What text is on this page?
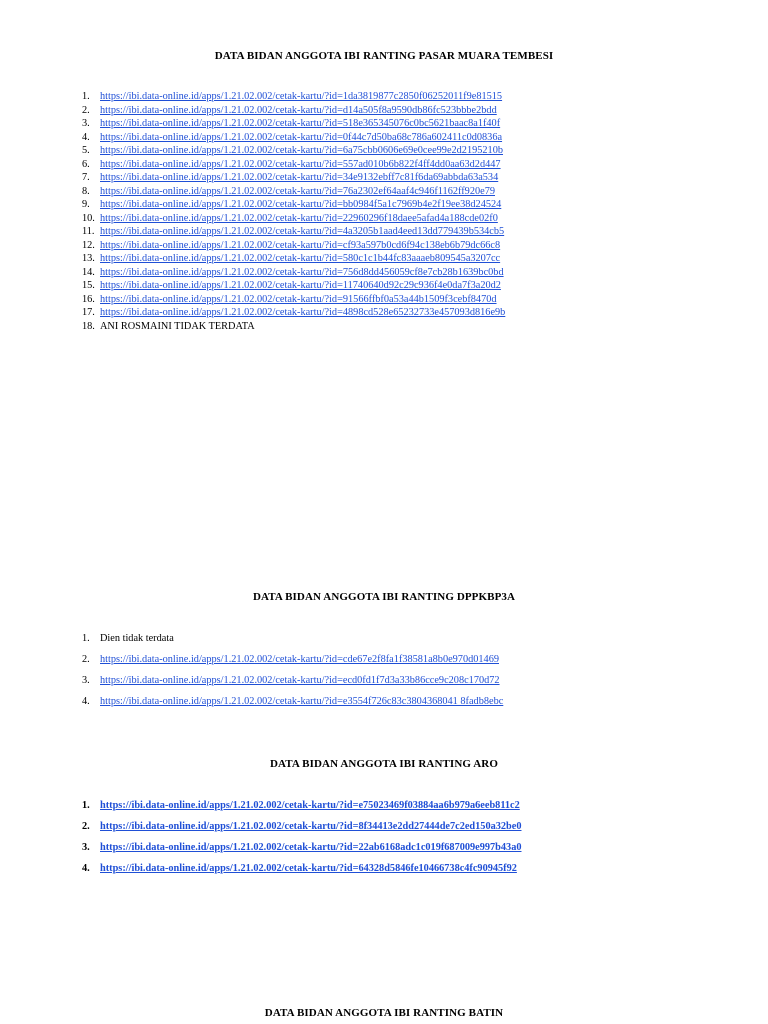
DATA BIDAN ANGGOTA IBI RANTING PASAR MUARA TEMBESI
1. https://ibi.data-online.id/apps/1.21.02.002/cetak-kartu/?id=1da3819877c2850f06252011f9e81515
2. https://ibi.data-online.id/apps/1.21.02.002/cetak-kartu/?id=d14a505f8a9590db86fc523bbbe2bdd
3. https://ibi.data-online.id/apps/1.21.02.002/cetak-kartu/?id=518e365345076c0bc5621baac8a1f40f
4. https://ibi.data-online.id/apps/1.21.02.002/cetak-kartu/?id=0f44c7d50ba68c786a602411c0d0836a
5. https://ibi.data-online.id/apps/1.21.02.002/cetak-kartu/?id=6a75cbb0606e69e0cee99e2d2195210b
6. https://ibi.data-online.id/apps/1.21.02.002/cetak-kartu/?id=557ad010b6b822f4ff4dd0aa63d2d447
7. https://ibi.data-online.id/apps/1.21.02.002/cetak-kartu/?id=34e9132ebff7c81f6da69abbda63a534
8. https://ibi.data-online.id/apps/1.21.02.002/cetak-kartu/?id=76a2302ef64aaf4c946f1162ff920e79
9. https://ibi.data-online.id/apps/1.21.02.002/cetak-kartu/?id=bb0984f5a1c7969b4e2f19ee38d24524
10. https://ibi.data-online.id/apps/1.21.02.002/cetak-kartu/?id=22960296f18daee5afad4a188cde02f0
11. https://ibi.data-online.id/apps/1.21.02.002/cetak-kartu/?id=4a3205b1aad4eed13dd779439b534cb5
12. https://ibi.data-online.id/apps/1.21.02.002/cetak-kartu/?id=cf93a597b0cd6f94c138eb6b79dc66c8
13. https://ibi.data-online.id/apps/1.21.02.002/cetak-kartu/?id=580c1c1b44fc83aaaeb809545a3207cc
14. https://ibi.data-online.id/apps/1.21.02.002/cetak-kartu/?id=756d8dd456059cf8e7cb28b1639bc0bd
15. https://ibi.data-online.id/apps/1.21.02.002/cetak-kartu/?id=11740640d92c29c936f4e0da7f3a20d2
16. https://ibi.data-online.id/apps/1.21.02.002/cetak-kartu/?id=91566ffbf0a53a44b1509f3cebf8470d
17. https://ibi.data-online.id/apps/1.21.02.002/cetak-kartu/?id=4898cd528e65232733e457093d816e9b
18. ANI ROSMAINI TIDAK TERDATA
DATA BIDAN ANGGOTA IBI RANTING DPPKBP3A
1. Dien tidak terdata
2. https://ibi.data-online.id/apps/1.21.02.002/cetak-kartu/?id=cde67e2f8fa1f38581a8b0e970d01469
3. https://ibi.data-online.id/apps/1.21.02.002/cetak-kartu/?id=ecd0fd1f7d3a33b86cce9c208c170d72
4. https://ibi.data-online.id/apps/1.21.02.002/cetak-kartu/?id=e3554f726c83c3804368041 8fadb8ebc
DATA BIDAN ANGGOTA IBI RANTING ARO
1. https://ibi.data-online.id/apps/1.21.02.002/cetak-kartu/?id=e75023469f03884aa6b979a6eeb811c2
2. https://ibi.data-online.id/apps/1.21.02.002/cetak-kartu/?id=8f34413e2dd27444de7c2ed150a32be0
3. https://ibi.data-online.id/apps/1.21.02.002/cetak-kartu/?id=22ab6168adc1c019f687009e997b43a0
4. https://ibi.data-online.id/apps/1.21.02.002/cetak-kartu/?id=64328d5846fe10466738c4fc90945f92
DATA BIDAN ANGGOTA IBI RANTING BATIN
